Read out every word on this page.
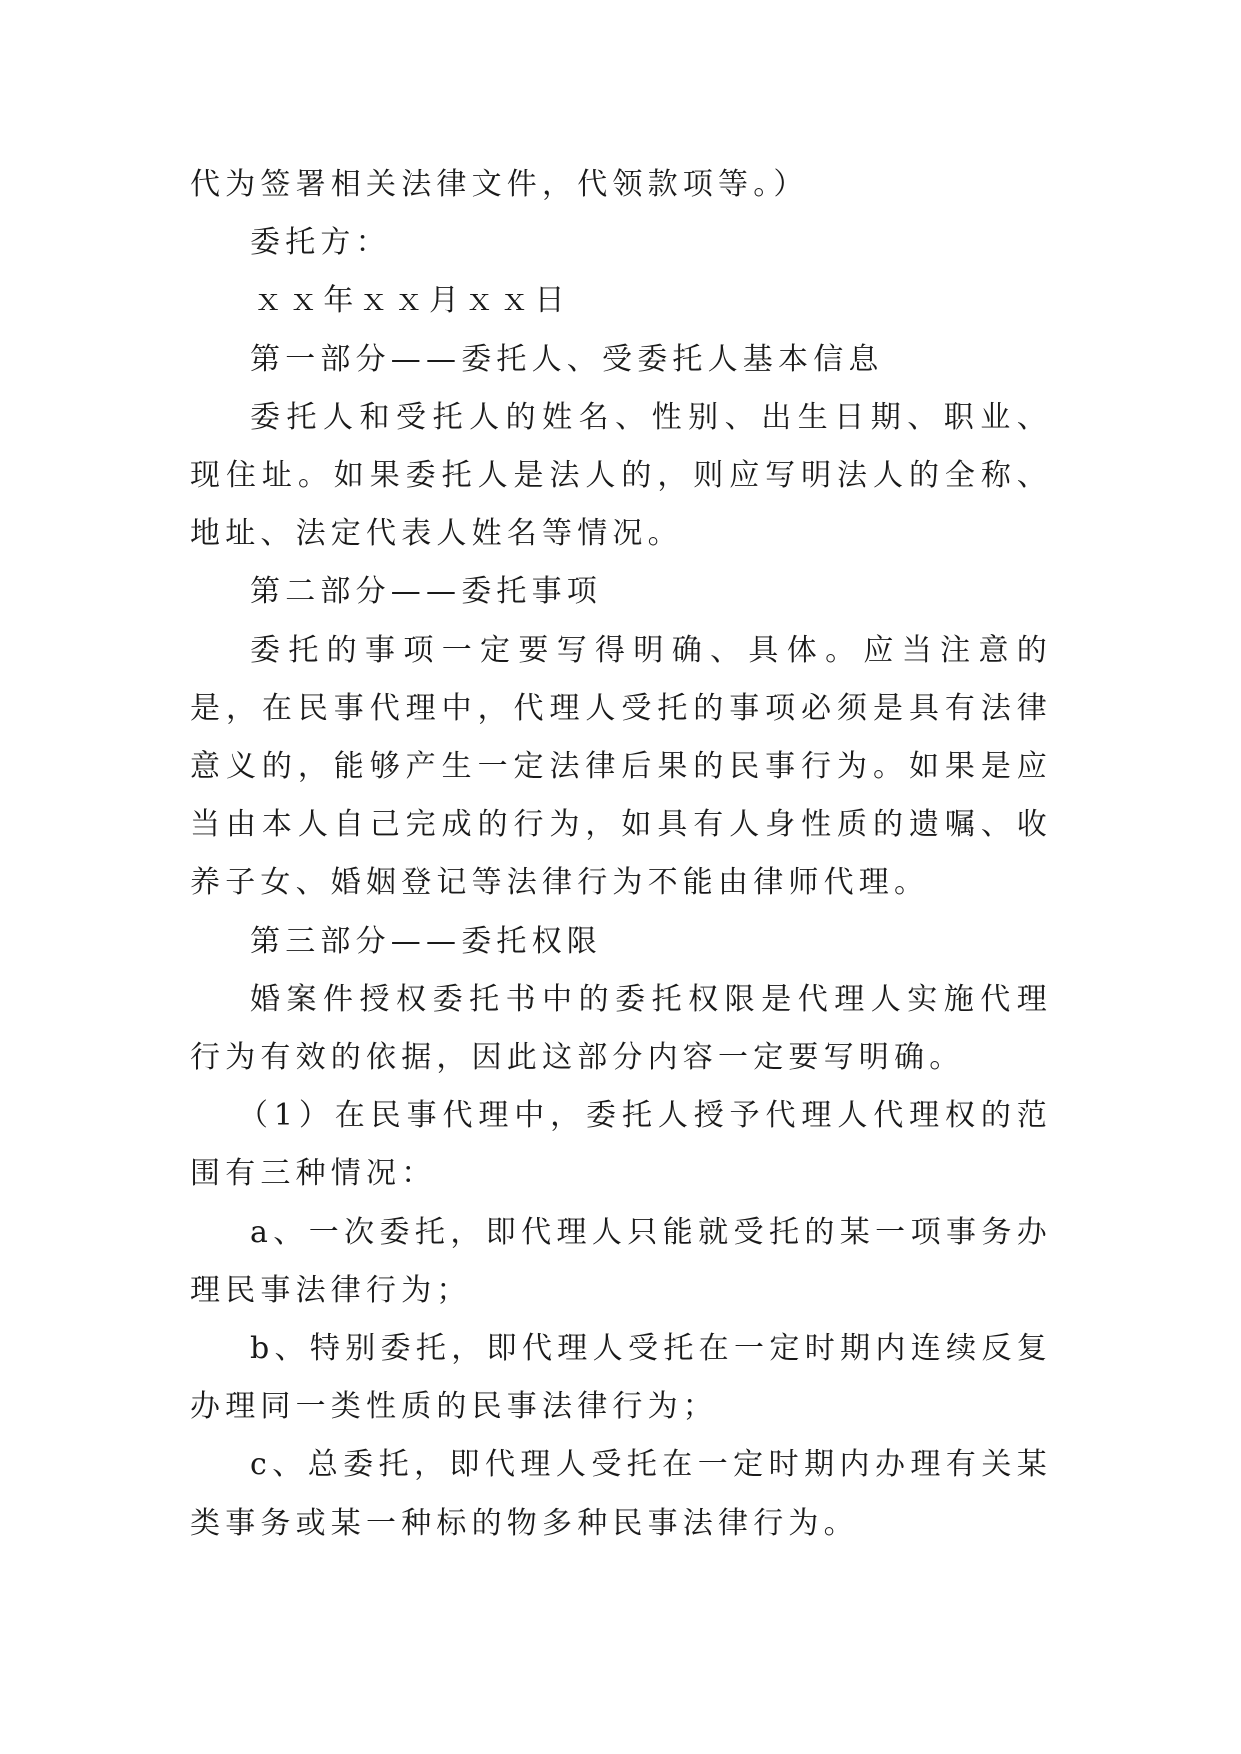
代为签署相关法律文件，代领款项等。）

委托方：

ｘｘ年ｘｘ月ｘｘ日

第一部分——委托人、受委托人基本信息

委托人和受托人的姓名、性别、出生日期、职业、现住址。如果委托人是法人的，则应写明法人的全称、地址、法定代表人姓名等情况。

第二部分——委托事项

委托的事项一定要写得明确、具体。应当注意的是，在民事代理中，代理人受托的事项必须是具有法律意义的，能够产生一定法律后果的民事行为。如果是应当由本人自己完成的行为，如具有人身性质的遗嘱、收养子女、婚姻登记等法律行为不能由律师代理。

第三部分——委托权限

婚案件授权委托书中的委托权限是代理人实施代理行为有效的依据，因此这部分内容一定要写明确。

（1）在民事代理中，委托人授予代理人代理权的范围有三种情况：

a、一次委托，即代理人只能就受托的某一项事务办理民事法律行为；

b、特别委托，即代理人受托在一定时期内连续反复办理同一类性质的民事法律行为；

c、总委托，即代理人受托在一定时期内办理有关某类事务或某一种标的物多种民事法律行为。
